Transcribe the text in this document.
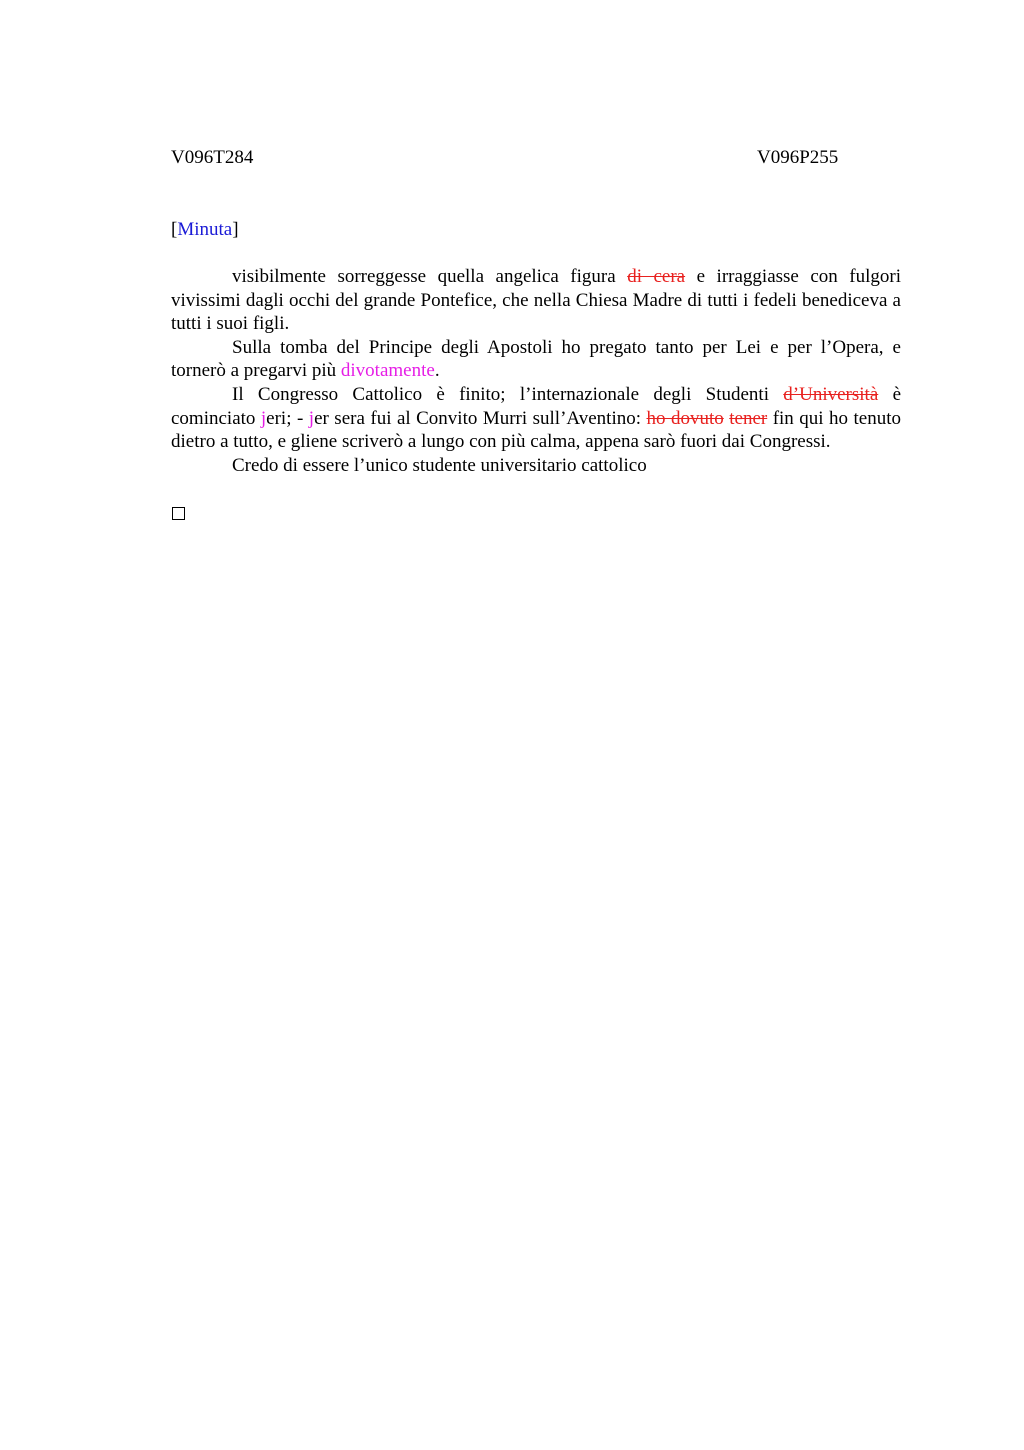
V096T284	V096P255
[Minuta]

visibilmente sorreggesse quella angelica figura di cera e irraggiasse con fulgori vivissimi dagli occhi del grande Pontefice, che nella Chiesa Madre di tutti i fedeli benediceva a tutti i suoi figli.

Sulla tomba del Principe degli Apostoli ho pregato tanto per Lei e per l’Opera, e tornerò a pregarvi più divotamente.

Il Congresso Cattolico è finito; l’internazionale degli Studenti d’Università è cominciato jeri; - jer sera fui al Convito Murri sull’Aventino: ho dovuto tener fin qui ho tenuto dietro a tutto, e gliene scriverò a lungo con più calma, appena sarò fuori dai Congressi.

Credo di essere l’unico studente universitario cattolico
